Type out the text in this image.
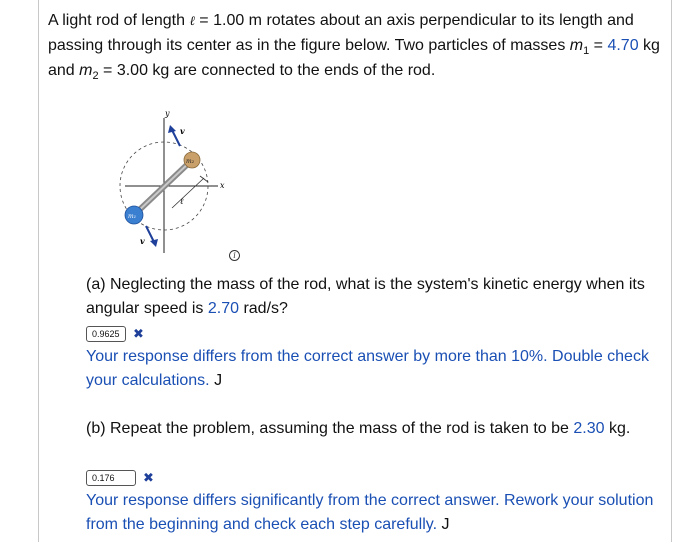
A light rod of length ℓ = 1.00 m rotates about an axis perpendicular to its length and passing through its center as in the figure below. Two particles of masses $m_1 = 4.70$ kg and $m_2 = 3.00$ kg are connected to the ends of the rod.
y
x
ℓ
m₂
m₁
v
v
i
(a) Neglecting the mass of the rod, what is the system's kinetic energy when its angular speed is 2.70 rad/s?
0.9625	✖
Your response differs from the correct answer by more than 10%. Double check your calculations. J
(b) Repeat the problem, assuming the mass of the rod is taken to be 2.30 kg.
0.176	✖
Your response differs significantly from the correct answer. Rework your solution from the beginning and check each step carefully. J
